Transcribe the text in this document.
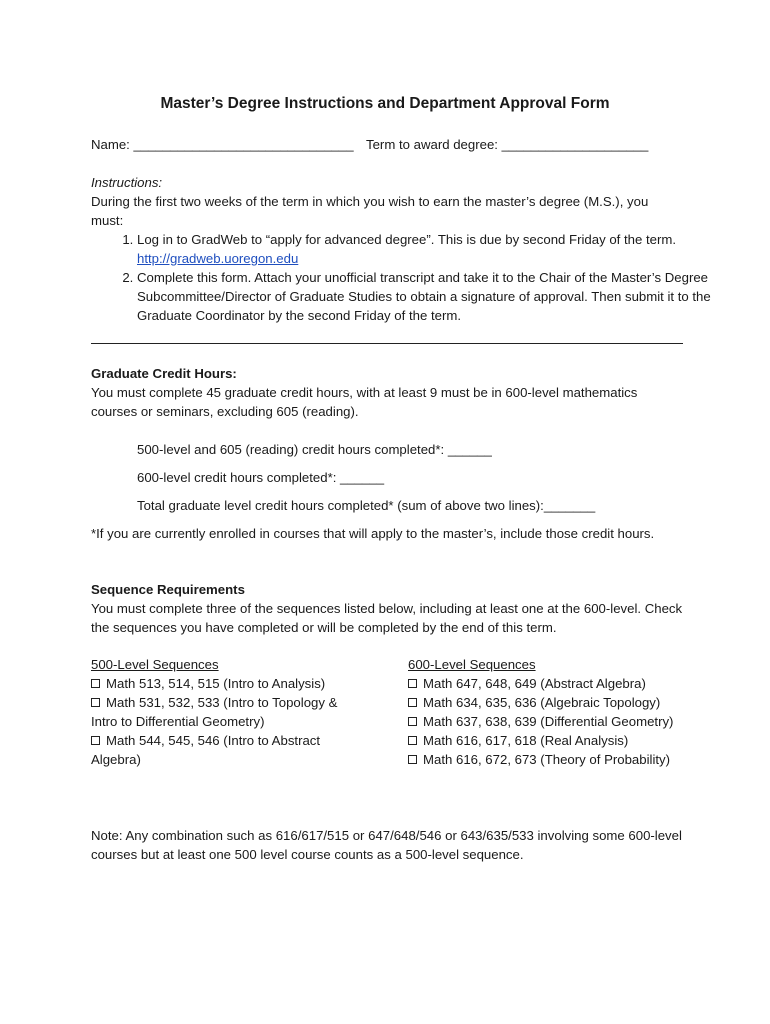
Master’s Degree Instructions and Department Approval Form
Name: ______________________________ Term to award degree: ____________________
Instructions:
During the first two weeks of the term in which you wish to earn the master’s degree (M.S.), you must:
1. Log in to GradWeb to “apply for advanced degree”. This is due by second Friday of the term. http://gradweb.uoregon.edu
2. Complete this form. Attach your unofficial transcript and take it to the Chair of the Master’s Degree Subcommittee/Director of Graduate Studies to obtain a signature of approval. Then submit it to the Graduate Coordinator by the second Friday of the term.
Graduate Credit Hours:
You must complete 45 graduate credit hours, with at least 9 must be in 600-level mathematics courses or seminars, excluding 605 (reading).
500-level and 605 (reading) credit hours completed*: ______
600-level credit hours completed*: ______
Total graduate level credit hours completed* (sum of above two lines):_______
*If you are currently enrolled in courses that will apply to the master’s, include those credit hours.
Sequence Requirements
You must complete three of the sequences listed below, including at least one at the 600-level. Check the sequences you have completed or will be completed by the end of this term.
500-Level Sequences
Math 513, 514, 515 (Intro to Analysis)
Math 531, 532, 533 (Intro to Topology & Intro to Differential Geometry)
Math 544, 545, 546 (Intro to Abstract Algebra)
600-Level Sequences
Math 647, 648, 649 (Abstract Algebra)
Math 634, 635, 636 (Algebraic Topology)
Math 637, 638, 639 (Differential Geometry)
Math 616, 617, 618 (Real Analysis)
Math 616, 672, 673 (Theory of Probability)
Note: Any combination such as 616/617/515 or 647/648/546 or 643/635/533 involving some 600-level courses but at least one 500 level course counts as a 500-level sequence.
